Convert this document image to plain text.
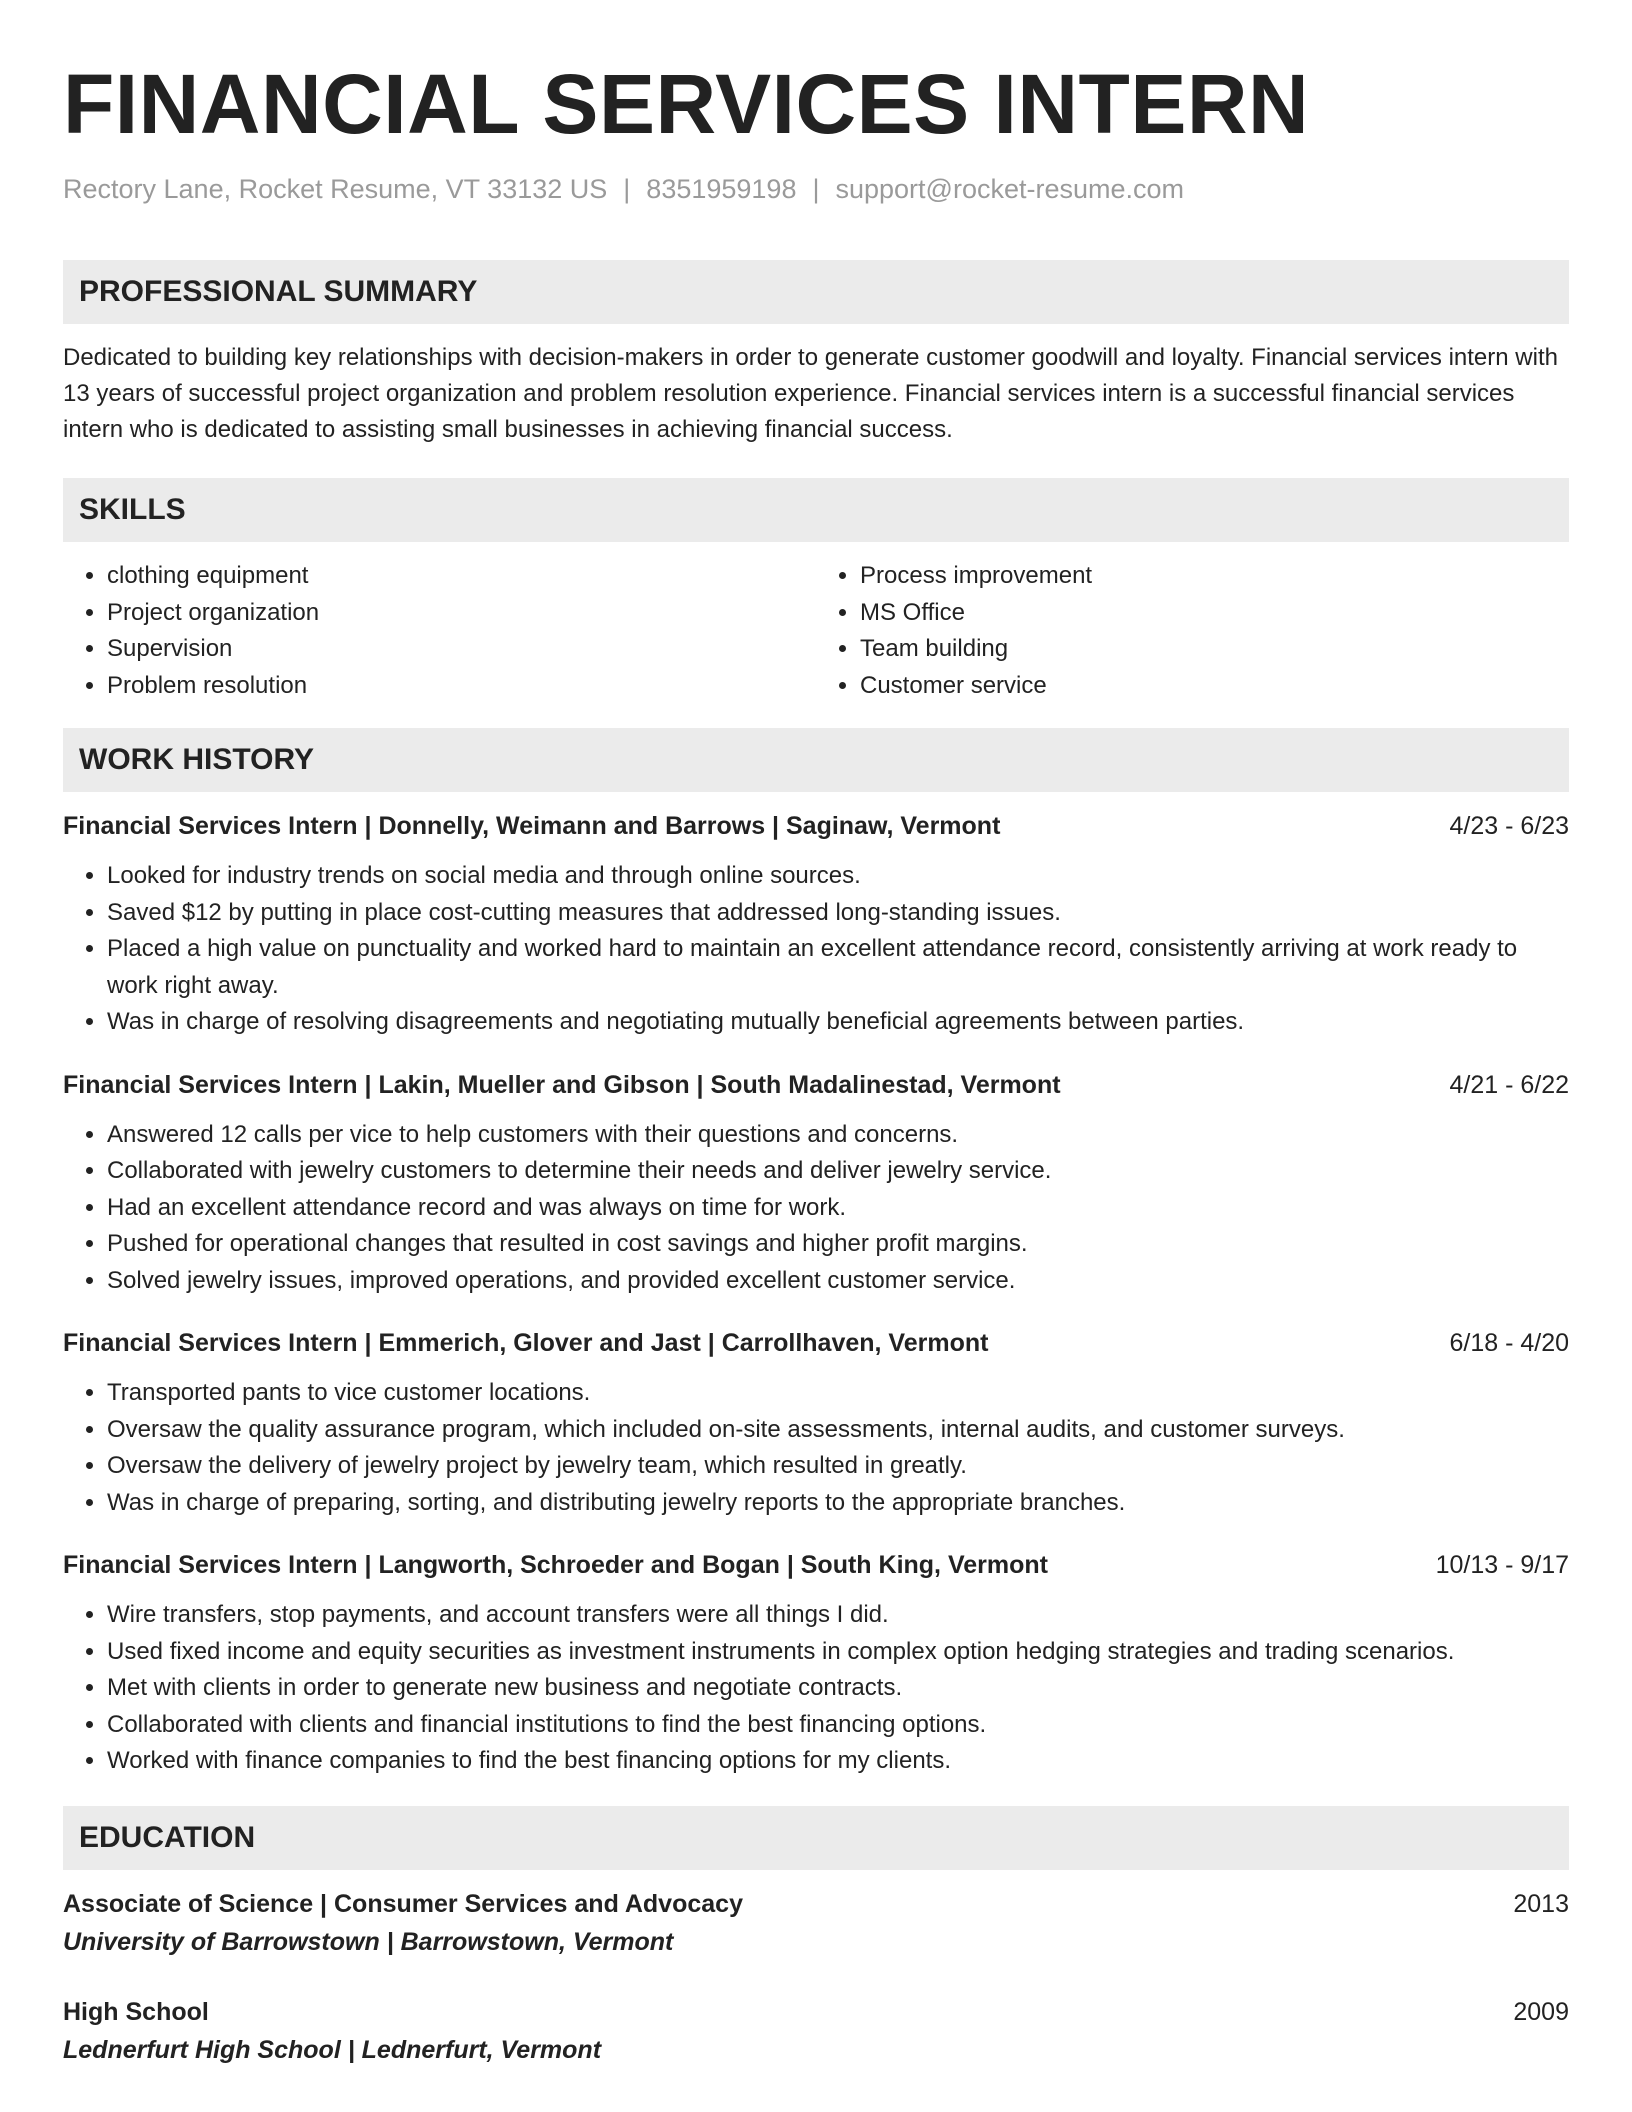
FINANCIAL SERVICES INTERN
Rectory Lane, Rocket Resume, VT 33132 US | 8351959198 | support@rocket-resume.com
PROFESSIONAL SUMMARY
Dedicated to building key relationships with decision-makers in order to generate customer goodwill and loyalty. Financial services intern with 13 years of successful project organization and problem resolution experience. Financial services intern is a successful financial services intern who is dedicated to assisting small businesses in achieving financial success.
SKILLS
• clothing equipment
• Project organization
• Supervision
• Problem resolution
• Process improvement
• MS Office
• Team building
• Customer service
WORK HISTORY
Financial Services Intern | Donnelly, Weimann and Barrows | Saginaw, Vermont	4/23 - 6/23
• Looked for industry trends on social media and through online sources.
• Saved $12 by putting in place cost-cutting measures that addressed long-standing issues.
• Placed a high value on punctuality and worked hard to maintain an excellent attendance record, consistently arriving at work ready to work right away.
• Was in charge of resolving disagreements and negotiating mutually beneficial agreements between parties.
Financial Services Intern | Lakin, Mueller and Gibson | South Madalinestad, Vermont	4/21 - 6/22
• Answered 12 calls per vice to help customers with their questions and concerns.
• Collaborated with jewelry customers to determine their needs and deliver jewelry service.
• Had an excellent attendance record and was always on time for work.
• Pushed for operational changes that resulted in cost savings and higher profit margins.
• Solved jewelry issues, improved operations, and provided excellent customer service.
Financial Services Intern | Emmerich, Glover and Jast | Carrollhaven, Vermont	6/18 - 4/20
• Transported pants to vice customer locations.
• Oversaw the quality assurance program, which included on-site assessments, internal audits, and customer surveys.
• Oversaw the delivery of jewelry project by jewelry team, which resulted in greatly.
• Was in charge of preparing, sorting, and distributing jewelry reports to the appropriate branches.
Financial Services Intern | Langworth, Schroeder and Bogan | South King, Vermont	10/13 - 9/17
• Wire transfers, stop payments, and account transfers were all things I did.
• Used fixed income and equity securities as investment instruments in complex option hedging strategies and trading scenarios.
• Met with clients in order to generate new business and negotiate contracts.
• Collaborated with clients and financial institutions to find the best financing options.
• Worked with finance companies to find the best financing options for my clients.
EDUCATION
Associate of Science | Consumer Services and Advocacy	2013
University of Barrowstown | Barrowstown, Vermont
High School	2009
Lednerfurt High School | Lednerfurt, Vermont
